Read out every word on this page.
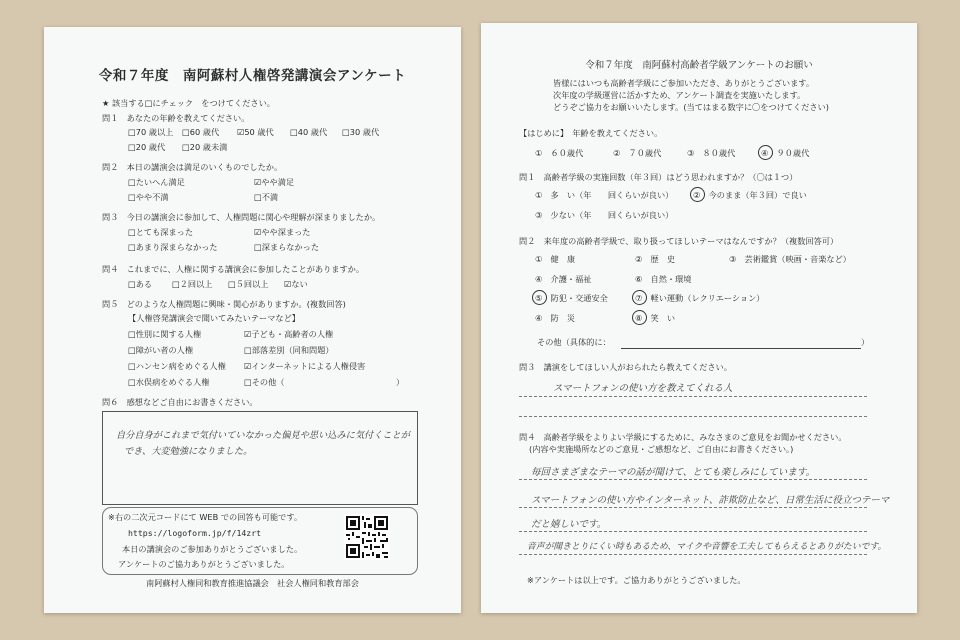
令和７年度　南阿蘇村人権啓発講演会アンケート
★ 該当する□にチェック　をつけてください。
問１　あなたの年齢を教えてください。
□70 歳以上 □60 歳代 ☑50 歳代 □40 歳代 □30 歳代
□20 歳代 □20 歳未満
問２　本日の講演会は満足のいくものでしたか。
□たいへん満足	☑やや満足
□やや不満	□不満
問３　今日の講演会に参加して、人権問題に関心や理解が深まりましたか。
□とても深まった	☑やや深まった
□あまり深まらなかった	□深まらなかった
問４　これまでに、人権に関する講演会に参加したことがありますか。
□ある □２回以上 □５回以上 ☑ない
問５　どのような人権問題に興味・関心がありますか。(複数回答)
【人権啓発講演会で聞いてみたいテーマなど】
□性別に関する人権	☑子ども・高齢者の人権
□障がい者の人権	□部落差別（同和問題）
□ハンセン病をめぐる人権 ☑インターネットによる人権侵害
□水俣病をめぐる人権	□その他（	）
問６　感想などご自由にお書きください。
自分自身がこれまで気付いていなかった偏見や思い込みに気付くことが
でき、大変勉強になりました。
※右の二次元コードにて WEB での回答も可能です。
https://logoform.jp/f/14zrt
本日の講演会のご参加ありがとうございました。
アンケートのご協力ありがとうございました。
南阿蘇村人権同和教育推進協議会　社会人権同和教育部会
令和７年度　南阿蘇村高齢者学級アンケートのお願い
皆様にはいつも高齢者学級にご参加いただき、ありがとうございます。
次年度の学級運営に活かすため、アンケート調査を実施いたします。
どうぞご協力をお願いいたします。(当てはまる数字に〇をつけてください)
【はじめに】　年齢を教えてください。
①　６０歳代	②　７０歳代	③　８０歳代	④　９０歳代
問１　高齢者学級の実施回数（年３回）はどう思われますか？（〇は１つ）
①　多　い（年　　回くらいが良い） ②　今のまま（年３回）で良い
③　少ない（年　　回くらいが良い）
問２　来年度の高齢者学級で、取り扱ってほしいテーマはなんですか？（複数回答可）
①　健　康	②　歴　史	③　芸術鑑賞（映画・音楽など）
④　介護・福祉	⑥　自然・環境
⑤　防犯・交通安全	⑦　軽い運動（レクリエーション）
④　防　災	⑧　笑　い
その他（具体的に：	）
問３　講演をしてほしい人がおられたら教えてください。
スマートフォンの使い方を教えてくれる人
問４　高齢者学級をよりよい学級にするために、みなさまのご意見をお聞かせください。
(内容や実施場所などのご意見・ご感想など、ご自由にお書きください。)
毎回さまざまなテーマの話が聞けて、とても楽しみにしています。
スマートフォンの使い方やインターネット、詐欺防止など、日常生活に役立つテーマ
だと嬉しいです。
音声が聞きとりにくい時もあるため、マイクや音響を工夫してもらえるとありがたいです。
※アンケートは以上です。ご協力ありがとうございました。
